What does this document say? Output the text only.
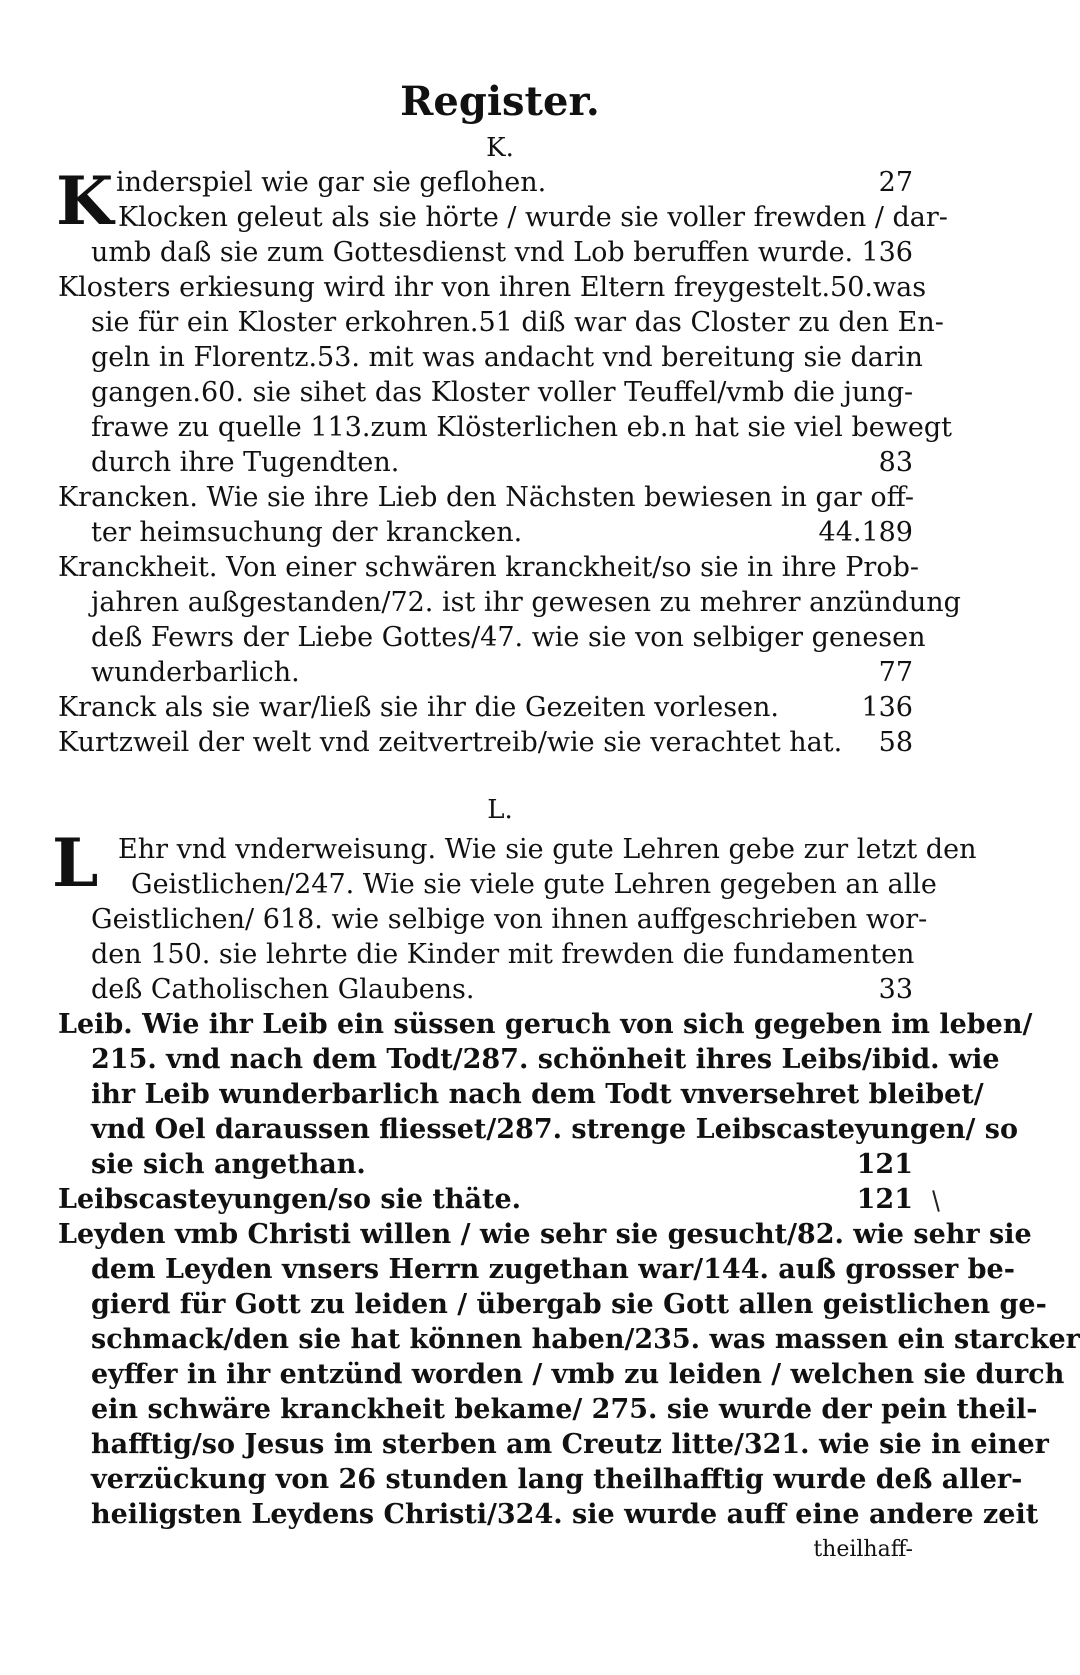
Register.
K.
K inderspiel wie gar sie geflohen.	27
Klocken geleut als sie hörte / wurde sie voller frewden / dar-
umb daß sie zum Gottesdienst vnd Lob beruffen wurde. 136
Klosters erkiesung wird ihr von ihren Eltern freygestelt.50.was
sie für ein Kloster erkohren.51 diß war das Closter zu den En-
geln in Florentz.53. mit was andacht vnd bereitung sie darin
gangen.60. sie sihet das Kloster voller Teuffel/vmb die jung-
frawe zu quelle 113.zum Klösterlichen eb.n hat sie viel bewegt
durch ihre Tugendten.	83
Krancken. Wie sie ihre Lieb den Nächsten bewiesen in gar off-
ter heimsuchung der krancken.	44.189
Kranckheit. Von einer schwären kranckheit/so sie in ihre Prob-
jahren außgestanden/72. ist ihr gewesen zu mehrer anzündung
deß Fewrs der Liebe Gottes/47. wie sie von selbiger genesen
wunderbarlich.	77
Kranck als sie war/ließ sie ihr die Gezeiten vorlesen.	136
Kurtzweil der welt vnd zeitvertreib/wie sie verachtet hat. 58
L.
L Ehr vnd vnderweisung. Wie sie gute Lehren gebe zur letzt den
Geistlichen/247. Wie sie viele gute Lehren gegeben an alle
Geistlichen/ 618. wie selbige von ihnen auffgeschrieben wor-
den 150. sie lehrte die Kinder mit frewden die fundamenten
deß Catholischen Glaubens.	33
Leib. Wie ihr Leib ein süssen geruch von sich gegeben im leben/
215. vnd nach dem Todt/287. schönheit ihres Leibs/ibid. wie
ihr Leib wunderbarlich nach dem Todt vnversehret bleibet/
vnd Oel daraussen fliesset/287. strenge Leibscasteyungen/ so
sie sich angethan.	121
Leibscasteyungen/so sie thäte.	121
Leyden vmb Christi willen / wie sehr sie gesucht/82. wie sehr sie
dem Leyden vnsers Herrn zugethan war/144. auß grosser be-
gierd für Gott zu leiden / übergab sie Gott allen geistlichen ge-
schmack/den sie hat können haben/235. was massen ein starcker
eyffer in ihr entzünd worden / vmb zu leiden / welchen sie durch
ein schwäre kranckheit bekame/ 275. sie wurde der pein theil-
hafftig/so Jesus im sterben am Creutz litte/321. wie sie in einer
verzückung von 26 stunden lang theilhafftig wurde deß aller-
heiligsten Leydens Christi/324. sie wurde auff eine andere zeit
theilhaff-
